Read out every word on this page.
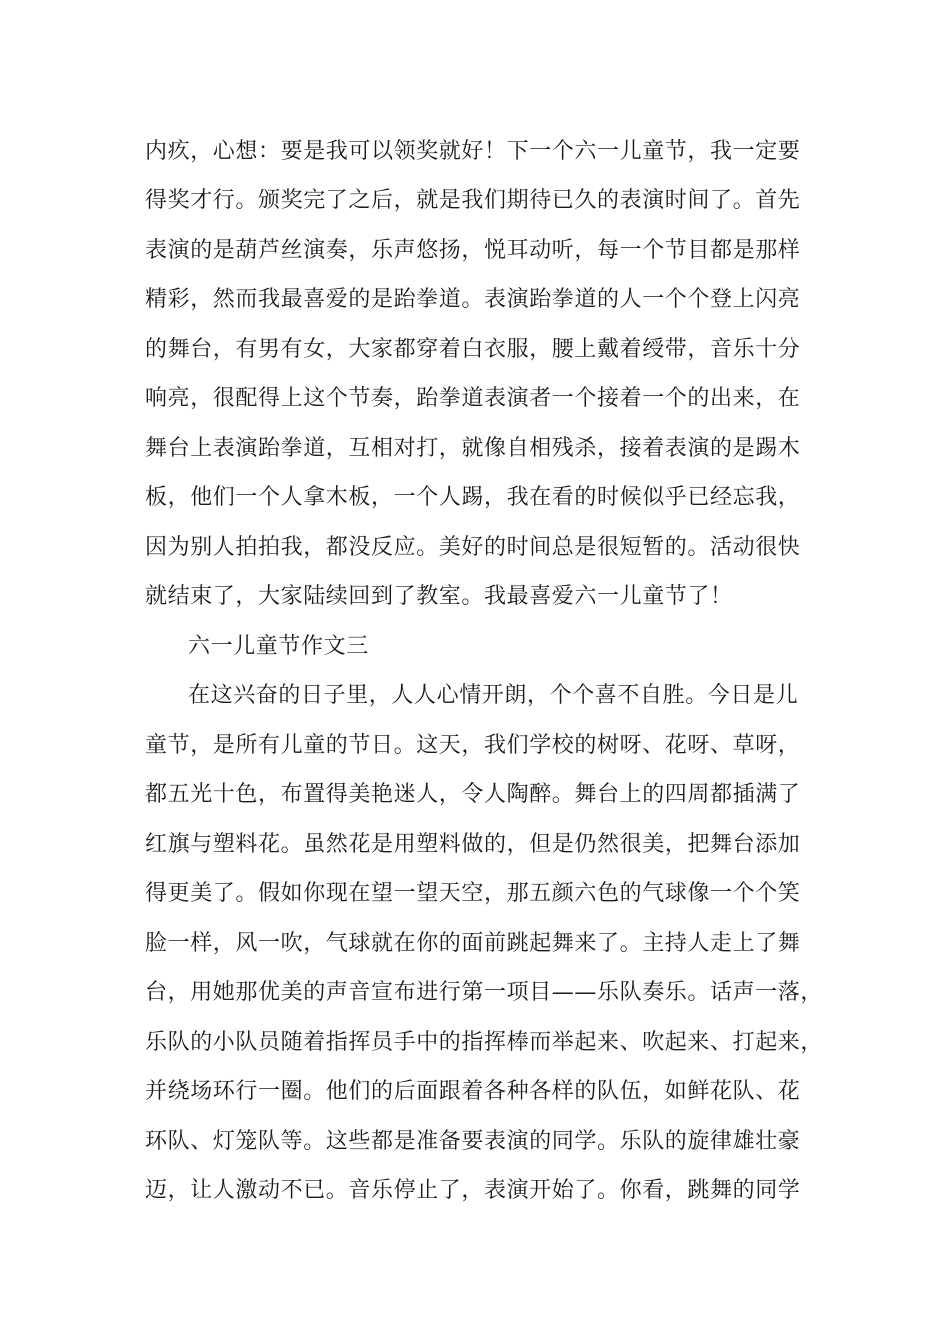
内疚，心想：要是我可以领奖就好！下一个六一儿童节，我一定要
得奖才行。颁奖完了之后，就是我们期待已久的表演时间了。首先
表演的是葫芦丝演奏，乐声悠扬，悦耳动听，每一个节目都是那样
精彩，然而我最喜爱的是跆拳道。表演跆拳道的人一个个登上闪亮
的舞台，有男有女，大家都穿着白衣服，腰上戴着绶带，音乐十分
响亮，很配得上这个节奏，跆拳道表演者一个接着一个的出来，在
舞台上表演跆拳道，互相对打，就像自相残杀，接着表演的是踢木
板，他们一个人拿木板，一个人踢，我在看的时候似乎已经忘我，
因为别人拍拍我，都没反应。美好的时间总是很短暂的。活动很快
就结束了，大家陆续回到了教室。我最喜爱六一儿童节了！
六一儿童节作文三
在这兴奋的日子里，人人心情开朗，个个喜不自胜。今日是儿
童节，是所有儿童的节日。这天，我们学校的树呀、花呀、草呀，
都五光十色，布置得美艳迷人，令人陶醉。舞台上的四周都插满了
红旗与塑料花。虽然花是用塑料做的，但是仍然很美，把舞台添加
得更美了。假如你现在望一望天空，那五颜六色的气球像一个个笑
脸一样，风一吹，气球就在你的面前跳起舞来了。主持人走上了舞
台，用她那优美的声音宣布进行第一项目——乐队奏乐。话声一落，
乐队的小队员随着指挥员手中的指挥棒而举起来、吹起来、打起来，
并绕场环行一圈。他们的后面跟着各种各样的队伍，如鲜花队、花
环队、灯笼队等。这些都是准备要表演的同学。乐队的旋律雄壮豪
迈，让人激动不已。音乐停止了，表演开始了。你看，跳舞的同学
